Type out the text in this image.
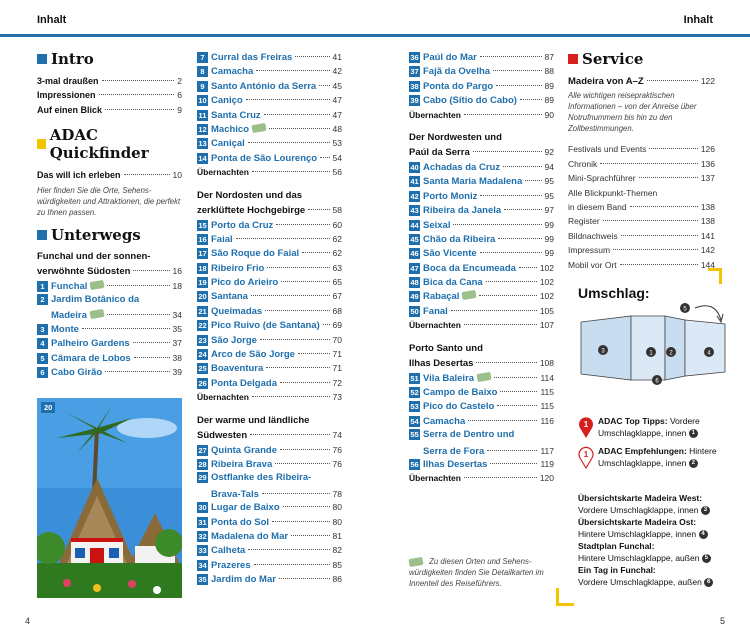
Inhalt	Inhalt
Intro
3-mal draußen	2
Impressionen	6
Auf einen Blick	9
ADAC Quickfinder
Das will ich erleben	10
Hier finden Sie die Orte, Sehenswürdigkeiten und Attraktionen, die perfekt zu Ihnen passen.
Unterwegs
Funchal und der sonnen-
verwöhnte Südosten	16
1 Funchal	18
2 Jardim Botânico da
Madeira	34
3 Monte	35
4 Palheiro Gardens	37
5 Câmara de Lobos	38
6 Cabo Girão	39
20
7 Curral das Freiras	41
8 Camacha	42
9 Santo António da Serra 45
10 Caniço	47
11 Santa Cruz	47
12 Machico	48
13 Caniçal	53
14 Ponta de São Lourenço 54
Übernachten	56
Der Nordosten und das
zerklüftete Hochgebirge	58
15 Porto da Cruz	60
16 Faial	62
17 São Roque do Faial	62
18 Ribeiro Frio	63
19 Pico do Arieiro	65
20 Santana	67
21 Queimadas	68
22 Pico Ruivo (de Santana) 69
23 São Jorge	70
24 Arco de São Jorge	71
25 Boaventura	71
26 Ponta Delgada	72
Übernachten	73
Der warme und ländliche
Südwesten	74
27 Quinta Grande	76
28 Ribeira Brava	76
29 Ostflanke des Ribeira-
Brava-Tals	78
30 Lugar de Baixo	80
31 Ponta do Sol	80
32 Madalena do Mar	81
33 Calheta	82
34 Prazeres	85
35 Jardim do Mar	86
36 Paúl do Mar	87
37 Fajã da Ovelha	88
38 Ponta do Pargo	89
39 Cabo (Sítio do Cabo)	89
Übernachten	90
Der Nordwesten und
Paúl da Serra	92
40 Achadas da Cruz	94
41 Santa Maria Madalena	95
42 Porto Moniz	95
43 Ribeira da Janela	97
44 Seixal	99
45 Chão da Ribeira	99
46 São Vicente	99
47 Boca da Encumeada	102
48 Bica da Cana	102
49 Rabaçal	102
50 Fanal	105
Übernachten	107
Porto Santo und
Ilhas Desertas	108
51 Vila Baleira	114
52 Campo de Baixo	115
53 Pico do Castelo	115
54 Camacha	116
55 Serra de Dentro und
Serra de Fora	117
56 Ilhas Desertas	119
Übernachten	120
Zu diesen Orten und Sehenswürdigkeiten finden Sie Detailkarten im Innenteil des Reiseführers.
Service
Madeira von A–Z	122
Alle wichtigen reisepraktischen Informationen – von der Anreise über Notrufnummern bis hin zu den Zollbestimmungen.
Festivals und Events	126
Chronik	136
Mini-Sprachführer	137
Alle Blickpunkt-Themen
in diesem Band	138
Register	138
Bildnachweis	141
Impressum	142
Mobil vor Ort	144
Umschlag:
5
3	1	2	4
6
1 ADAC Top Tipps: Vordere Umschlagklappe, innen 1
1 ADAC Empfehlungen: Hintere Umschlagklappe, innen 2
Übersichtskarte Madeira West:
Vordere Umschlagklappe, innen 3
Übersichtskarte Madeira Ost:
Hintere Umschlagklappe, innen 4
Stadtplan Funchal:
Hintere Umschlagklappe, außen 5
Ein Tag in Funchal:
Vordere Umschlagklappe, außen 6
4	5
